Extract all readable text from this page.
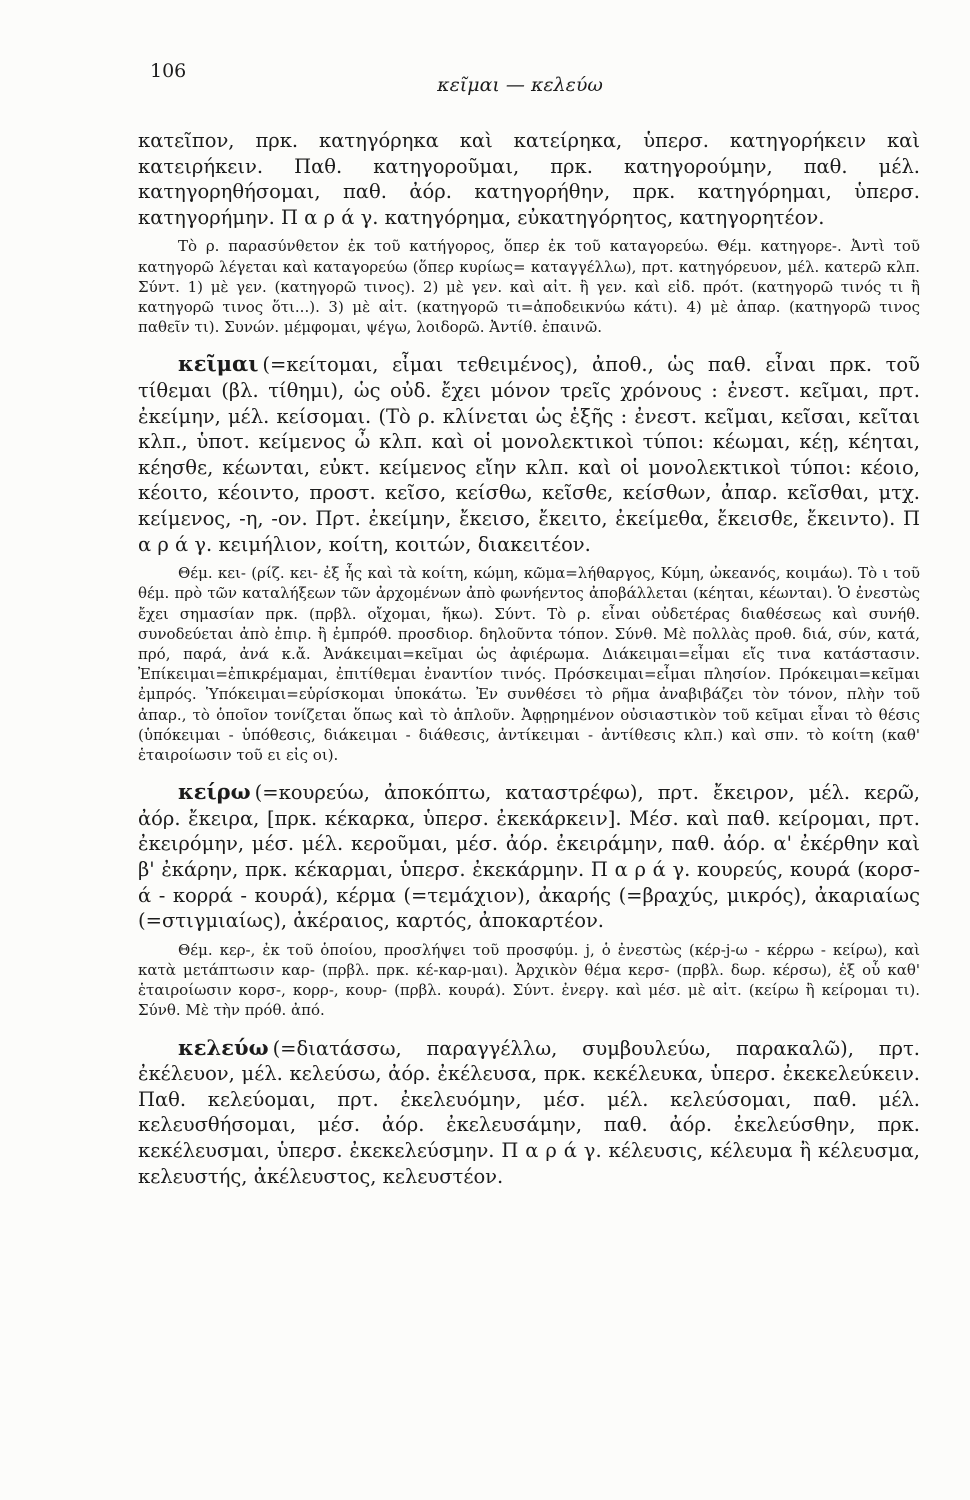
106
κεῖμαι — κελεύω

κατεῖπον, πρκ. κατηγόρηκα καὶ κατείρηκα, ὑπερσ. κατηγορήκειν καὶ κατειρήκειν. Παθ. κατηγοροῦμαι, πρκ. κατηγορούμην, παθ. μέλ. κατηγορηθήσομαι, παθ. ἀόρ. κατηγορήθην, πρκ. κατηγόρημαι, ὑπερσ. κατηγορήμην. Π α ρ ά γ. κατηγόρημα, εὐκατηγόρητος, κατηγορητέον.

Τὸ ρ. παρασύνθετον ἐκ τοῦ κατήγορος, ὅπερ ἐκ τοῦ καταγορεύω. Θέμ. κατηγορε-. Ἀντὶ τοῦ κατηγορῶ λέγεται καὶ καταγορεύω (ὅπερ κυρίως= καταγγέλλω), πρτ. κατηγόρευον, μέλ. κατερῶ κλπ. Σύντ. 1) μὲ γεν. (κατηγορῶ τινος). 2) μὲ γεν. καὶ αἰτ. ἢ γεν. καὶ εἰδ. πρότ. (κατηγορῶ τινός τι ἢ κατηγορῶ τινος ὅτι...). 3) μὲ αἰτ. (κατηγορῶ τι=ἀποδεικνύω κάτι). 4) μὲ ἀπαρ. (κατηγορῶ τινος παθεῖν τι). Συνών. μέμφομαι, ψέγω, λοιδορῶ. Ἀντίθ. ἐπαινῶ.

κεῖμαι (=κείτομαι, εἶμαι τεθειμένος), ἀποθ., ὡς παθ. εἶναι πρκ. τοῦ τίθεμαι (βλ. τίθημι), ὡς οὐδ. ἔχει μόνον τρεῖς χρόνους : ἐνεστ. κεῖμαι, πρτ. ἐκείμην, μέλ. κείσομαι. (Τὸ ρ. κλίνεται ὡς ἑξῆς : ἐνεστ. κεῖμαι, κεῖσαι, κεῖται κλπ., ὑποτ. κείμενος ὦ κλπ. καὶ οἱ μονολεκτικοὶ τύποι: κέωμαι, κέῃ, κέηται, κέησθε, κέωνται, εὐκτ. κείμενος εἴην κλπ. καὶ οἱ μονολεκτικοὶ τύποι: κέοιο, κέοιτο, κέοιντο, προστ. κεῖσο, κείσθω, κεῖσθε, κείσθων, ἀπαρ. κεῖσθαι, μτχ. κείμενος, -η, -ον. Πρτ. ἐκείμην, ἔκεισο, ἔκειτο, ἐκείμεθα, ἔκεισθε, ἔκειντο). Π α ρ ά γ. κειμήλιον, κοίτη, κοιτών, διακειτέον.

Θέμ. κει- (ρίζ. κει- ἐξ ἧς καὶ τὰ κοίτη, κώμη, κῶμα=λήθαργος, Κύμη, ὠκεανός, κοιμάω). Τὸ ι τοῦ θέμ. πρὸ τῶν καταλήξεων τῶν ἀρχομένων ἀπὸ φωνήεντος ἀποβάλλεται (κέηται, κέωνται). Ὁ ἐνεστὼς ἔχει σημασίαν πρκ. (πρβλ. οἴχομαι, ἥκω). Σύντ. Τὸ ρ. εἶναι οὐδετέρας διαθέσεως καὶ συνήθ. συνοδεύεται ἀπὸ ἐπιρ. ἢ ἐμπρόθ. προσδιορ. δηλοῦντα τόπον. Σύνθ. Μὲ πολλὰς προθ. διά, σύν, κατά, πρό, παρά, ἀνά κ.ἄ. Ἀνάκειμαι=κεῖμαι ὡς ἀφιέρωμα. Διάκειμαι=εἶμαι εἴς τινα κατάστασιν. Ἐπίκειμαι=ἐπικρέμαμαι, ἐπιτίθεμαι ἐναντίον τινός. Πρόσκειμαι=εἶμαι πλησίον. Πρόκειμαι=κεῖμαι ἐμπρός. Ὑπόκειμαι=εὑρίσκομαι ὑποκάτω. Ἐν συνθέσει τὸ ρῆμα ἀναβιβάζει τὸν τόνον, πλὴν τοῦ ἀπαρ., τὸ ὁποῖον τονίζεται ὅπως καὶ τὸ ἁπλοῦν. Ἀφῃρημένον οὐσιαστικὸν τοῦ κεῖμαι εἶναι τὸ θέσις (ὑπόκειμαι - ὑπόθεσις, διάκειμαι - διάθεσις, ἀντίκειμαι - ἀντίθεσις κλπ.) καὶ σπν. τὸ κοίτη (καθ' ἑταιροίωσιν τοῦ ει εἰς οι).

κείρω (=κουρεύω, ἀποκόπτω, καταστρέφω), πρτ. ἔκειρον, μέλ. κερῶ, ἀόρ. ἔκειρα, [πρκ. κέκαρκα, ὑπερσ. ἐκεκάρκειν]. Μέσ. καὶ παθ. κείρομαι, πρτ. ἐκειρόμην, μέσ. μέλ. κεροῦμαι, μέσ. ἀόρ. ἐκειράμην, παθ. ἀόρ. α' ἐκέρθην καὶ β' ἐκάρην, πρκ. κέκαρμαι, ὑπερσ. ἐκεκάρμην. Π α ρ ά γ. κουρεύς, κουρά (κορσ-ά - κορρά - κουρά), κέρμα (=τεμάχιον), ἀκαρής (=βραχύς, μικρός), ἀκαριαίως (=στιγμιαίως), ἀκέραιος, καρτός, ἀποκαρτέον.

Θέμ. κερ-, ἐκ τοῦ ὁποίου, προσλήψει τοῦ προσφύμ. j, ὁ ἐνεστὼς (κέρ-j-ω - κέρρω - κείρω), καὶ κατὰ μετάπτωσιν καρ- (πρβλ. πρκ. κέ-καρ-μαι). Ἀρχικὸν θέμα κερσ- (πρβλ. δωρ. κέρσω), ἐξ οὗ καθ' ἑταιροίωσιν κορσ-, κορρ-, κουρ- (πρβλ. κουρά). Σύντ. ἐνεργ. καὶ μέσ. μὲ αἰτ. (κείρω ἢ κείρομαι τι). Σύνθ. Μὲ τὴν πρόθ. ἀπό.

κελεύω (=διατάσσω, παραγγέλλω, συμβουλεύω, παρακαλῶ), πρτ. ἐκέλευον, μέλ. κελεύσω, ἀόρ. ἐκέλευσα, πρκ. κεκέλευκα, ὑπερσ. ἐκεκελεύκειν. Παθ. κελεύομαι, πρτ. ἐκελευόμην, μέσ. μέλ. κελεύσομαι, παθ. μέλ. κελευσθήσομαι, μέσ. ἀόρ. ἐκελευσάμην, παθ. ἀόρ. ἐκελεύσθην, πρκ. κεκέλευσμαι, ὑπερσ. ἐκεκελεύσμην. Π α ρ ά γ. κέλευσις, κέλευμα ἢ κέλευσμα, κελευστής, ἀκέλευστος, κελευστέον.
